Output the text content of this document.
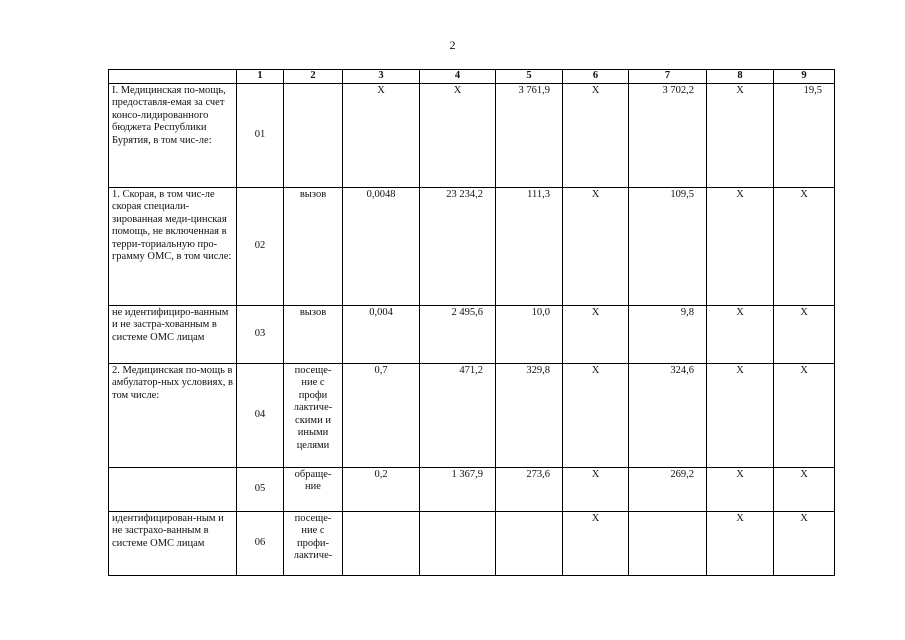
2
	1	2	3	4	5	6	7	8	9
I. Медицинская по-мощь, предоставля-емая за счет консо-лидированного бюджета Республики Бурятия, в том чис-ле:	01		Х	Х	3 761,9	Х	3 702,2	Х	19,5
1. Скорая, в том чис-ле скорая специали-зированная меди-цинская помощь, не включенная в терри-ториальную про-грамму ОМС, в том числе:	02	вызов	0,0048	23 234,2	111,3	Х	109,5	Х	Х
не идентифициро-ванным и не застра-хованным в системе ОМС лицам	03	вызов	0,004	2 495,6	10,0	Х	9,8	Х	Х
2. Медицинская по-мощь в амбулатор-ных условиях, в том числе:	04	посеще-ние с профи лактиче-скими и иными целями	0,7	471,2	329,8	Х	324,6	Х	Х
	05	обраще-ние	0,2	1 367,9	273,6	Х	269,2	Х	Х
идентифицирован-ным и не застрахо-ванным в системе ОМС лицам	06	посеще-ние с профи-лактиче-				Х		Х	Х
